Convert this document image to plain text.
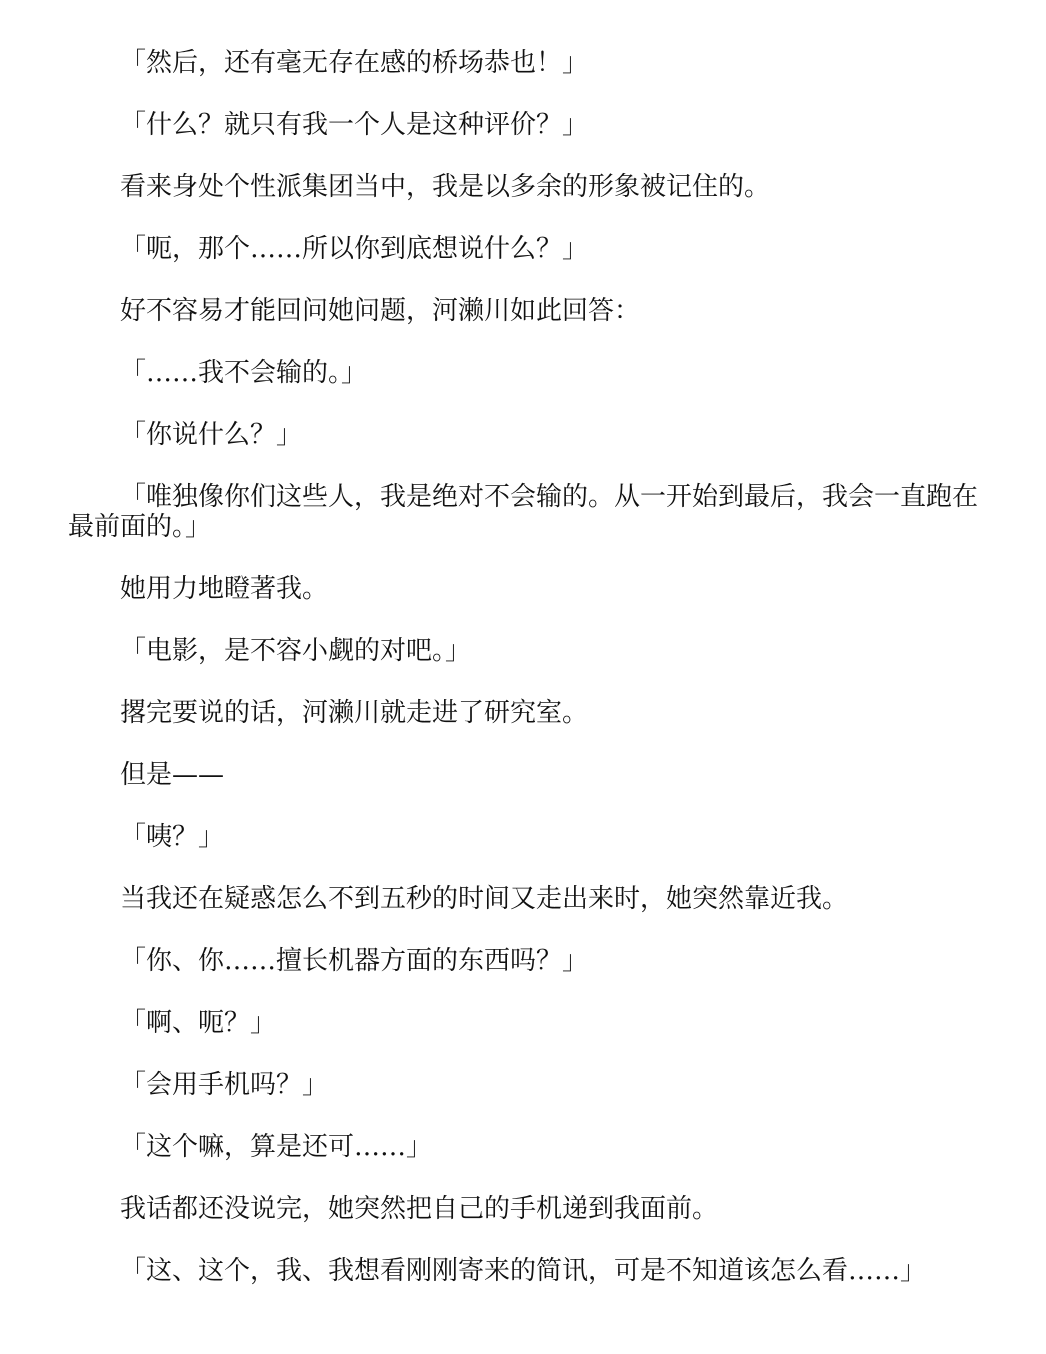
「然后，还有毫无存在感的桥场恭也！」

「什么？就只有我一个人是这种评价？」

看来身处个性派集团当中，我是以多余的形象被记住的。

「呃，那个……所以你到底想说什么？」

好不容易才能回问她问题，河濑川如此回答：

「……我不会输的。」

「你说什么？」

「唯独像你们这些人，我是绝对不会输的。从一开始到最后，我会一直跑在最前面的。」

她用力地瞪著我。

「电影，是不容小觑的对吧。」

撂完要说的话，河濑川就走进了研究室。

但是——

「咦？」

当我还在疑惑怎么不到五秒的时间又走出来时，她突然靠近我。

「你、你……擅长机器方面的东西吗？」

「啊、呃？」

「会用手机吗？」

「这个嘛，算是还可……」

我话都还没说完，她突然把自己的手机递到我面前。

「这、这个，我、我想看刚刚寄来的简讯，可是不知道该怎么看……」
